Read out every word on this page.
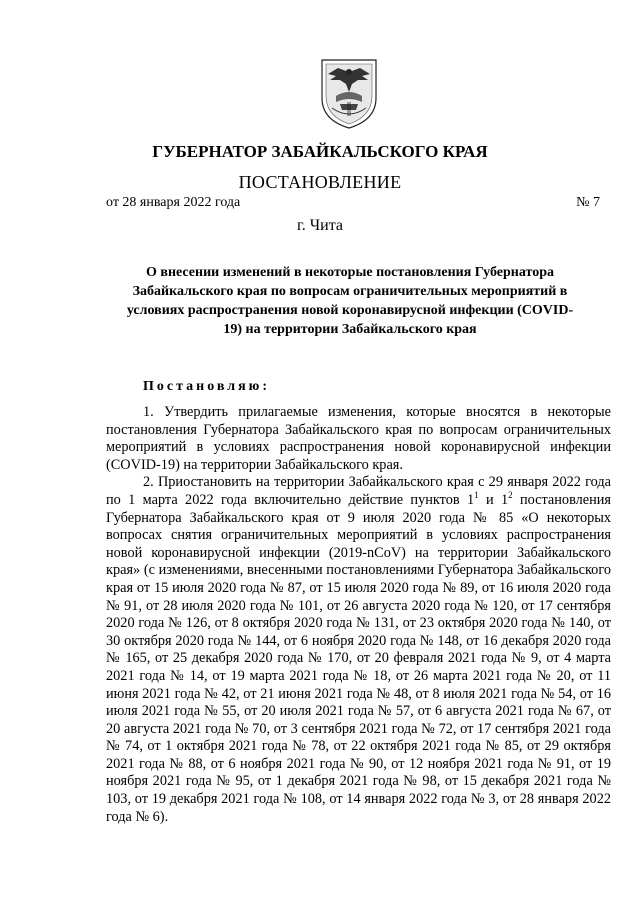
ГУБЕРНАТОР ЗАБАЙКАЛЬСКОГО КРАЯ
ПОСТАНОВЛЕНИЕ
от 28 января 2022 года	№ 7
г. Чита
О внесении изменений в некоторые постановления Губернатора Забайкальского края по вопросам ограничительных мероприятий в условиях распространения новой коронавирусной инфекции (COVID-19) на территории Забайкальского края
Постановляю:

1. Утвердить прилагаемые изменения, которые вносятся в некоторые постановления Губернатора Забайкальского края по вопросам ограничительных мероприятий в условиях распространения новой коронавирусной инфекции (COVID-19) на территории Забайкальского края.

2. Приостановить на территории Забайкальского края с 29 января 2022 года по 1 марта 2022 года включительно действие пунктов $1^1$ и $1^2$ постановления Губернатора Забайкальского края от 9 июля 2020 года № 85 «О некоторых вопросах снятия ограничительных мероприятий в условиях распространения новой коронавирусной инфекции (2019-nCoV) на территории Забайкальского края» (с изменениями, внесенными постановлениями Губернатора Забайкальского края от 15 июля 2020 года № 87, от 15 июля 2020 года № 89, от 16 июля 2020 года № 91, от 28 июля 2020 года № 101, от 26 августа 2020 года № 120, от 17 сентября 2020 года № 126, от 8 октября 2020 года № 131, от 23 октября 2020 года № 140, от 30 октября 2020 года № 144, от 6 ноября 2020 года № 148, от 16 декабря 2020 года № 165, от 25 декабря 2020 года № 170, от 20 февраля 2021 года № 9, от 4 марта 2021 года № 14, от 19 марта 2021 года № 18, от 26 марта 2021 года № 20, от 11 июня 2021 года № 42, от 21 июня 2021 года № 48, от 8 июля 2021 года № 54, от 16 июля 2021 года № 55, от 20 июля 2021 года № 57, от 6 августа 2021 года № 67, от 20 августа 2021 года № 70, от 3 сентября 2021 года № 72, от 17 сентября 2021 года № 74, от 1 октября 2021 года № 78, от 22 октября 2021 года № 85, от 29 октября 2021 года № 88, от 6 ноября 2021 года № 90, от 12 ноября 2021 года № 91, от 19 ноября 2021 года № 95, от 1 декабря 2021 года № 98, от 15 декабря 2021 года № 103, от 19 декабря 2021 года № 108, от 14 января 2022 года № 3, от 28 января 2022 года № 6).
